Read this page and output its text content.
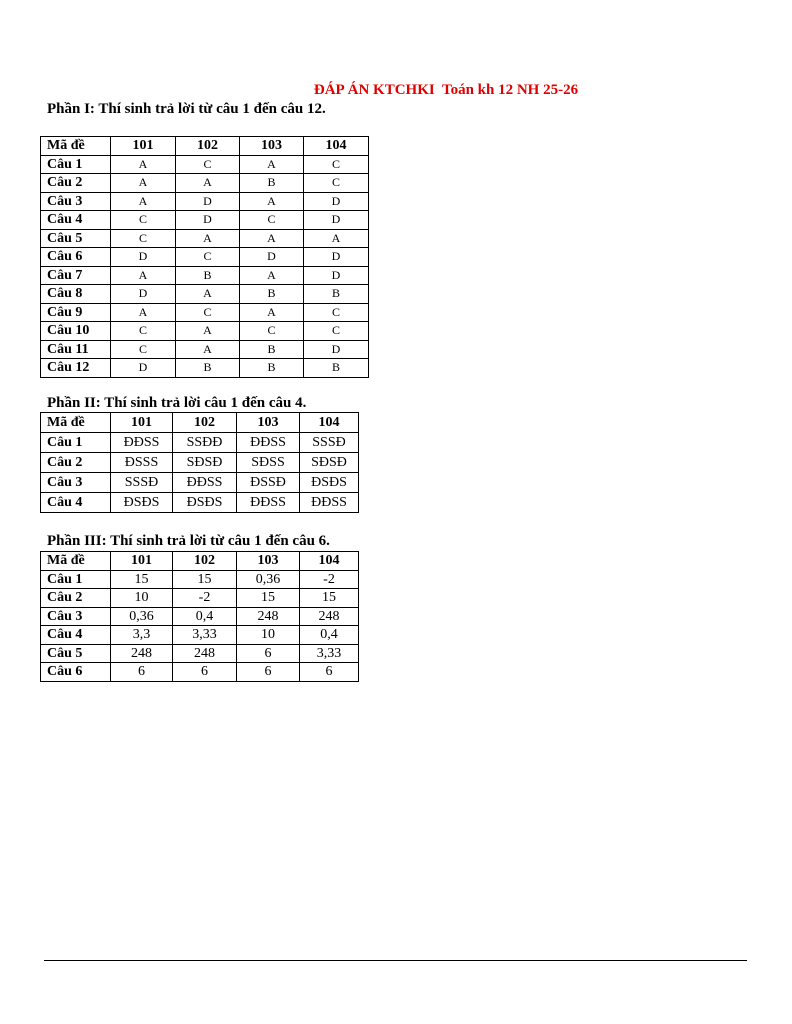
ĐÁP ÁN KTCHKI  Toán kh 12 NH 25-26
Phần I: Thí sinh trả lời từ câu 1 đến câu 12.
Mã đề	101	102	103	104
Câu 1	A	C	A	C
Câu 2	A	A	B	C
Câu 3	A	D	A	D
Câu 4	C	D	C	D
Câu 5	C	A	A	A
Câu 6	D	C	D	D
Câu 7	A	B	A	D
Câu 8	D	A	B	B
Câu 9	A	C	A	C
Câu 10	C	A	C	C
Câu 11	C	A	B	D
Câu 12	D	B	B	B
Phần II: Thí sinh trả lời câu 1 đến câu 4.
Mã đề	101	102	103	104
Câu 1	ĐĐSS	SSĐĐ	ĐĐSS	SSSĐ
Câu 2	ĐSSS	SĐSĐ	SĐSS	SĐSĐ
Câu 3	SSSĐ	ĐĐSS	ĐSSĐ	ĐSĐS
Câu 4	ĐSĐS	ĐSĐS	ĐĐSS	ĐĐSS
Phần III: Thí sinh trả lời từ câu 1 đến câu 6.
Mã đề	101	102	103	104
Câu 1	15	15	0,36	-2
Câu 2	10	-2	15	15
Câu 3	0,36	0,4	248	248
Câu 4	3,3	3,33	10	0,4
Câu 5	248	248	6	3,33
Câu 6	6	6	6	6
